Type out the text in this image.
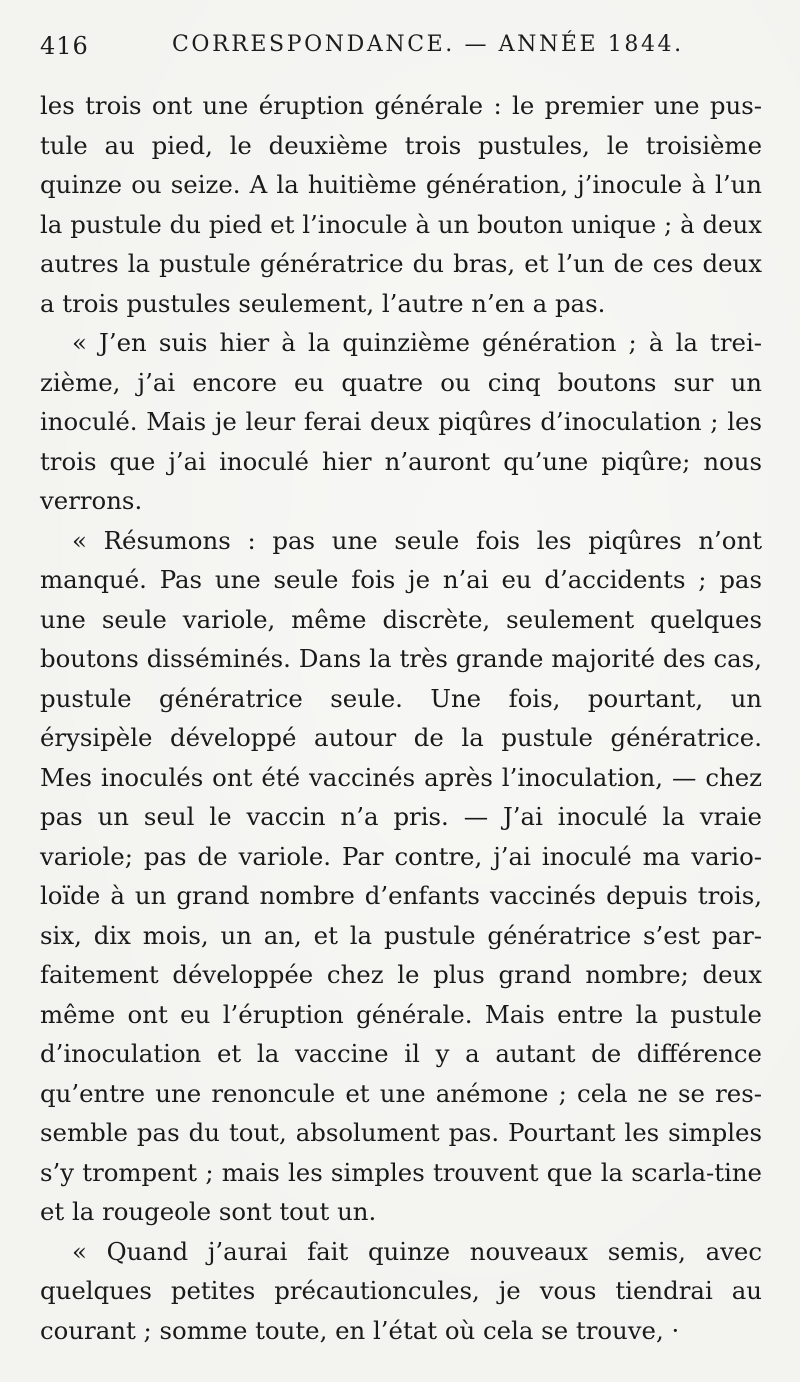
416	CORRESPONDANCE. — ANNÉE 1844.

les trois ont une éruption générale : le premier une pus-tule au pied, le deuxième trois pustules, le troisième quinze ou seize. A la huitième génération, j’inocule à l’un la pustule du pied et l’inocule à un bouton unique ; à deux autres la pustule génératrice du bras, et l’un de ces deux a trois pustules seulement, l’autre n’en a pas.

« J’en suis hier à la quinzième génération ; à la trei-zième, j’ai encore eu quatre ou cinq boutons sur un inoculé. Mais je leur ferai deux piqûres d’inoculation ; les trois que j’ai inoculé hier n’auront qu’une piqûre; nous verrons.

« Résumons : pas une seule fois les piqûres n’ont manqué. Pas une seule fois je n’ai eu d’accidents ; pas une seule variole, même discrète, seulement quelques boutons disséminés. Dans la très grande majorité des cas, pustule génératrice seule. Une fois, pourtant, un érysipèle développé autour de la pustule génératrice. Mes inoculés ont été vaccinés après l’inoculation, — chez pas un seul le vaccin n’a pris. — J’ai inoculé la vraie variole; pas de variole. Par contre, j’ai inoculé ma vario-loïde à un grand nombre d’enfants vaccinés depuis trois, six, dix mois, un an, et la pustule génératrice s’est par-faitement développée chez le plus grand nombre; deux même ont eu l’éruption générale. Mais entre la pustule d’inoculation et la vaccine il y a autant de différence qu’entre une renoncule et une anémone ; cela ne se res-semble pas du tout, absolument pas. Pourtant les simples s’y trompent ; mais les simples trouvent que la scarla-tine et la rougeole sont tout un.

« Quand j’aurai fait quinze nouveaux semis, avec quelques petites précautioncules, je vous tiendrai au courant ; somme toute, en l’état où cela se trouve, ·
